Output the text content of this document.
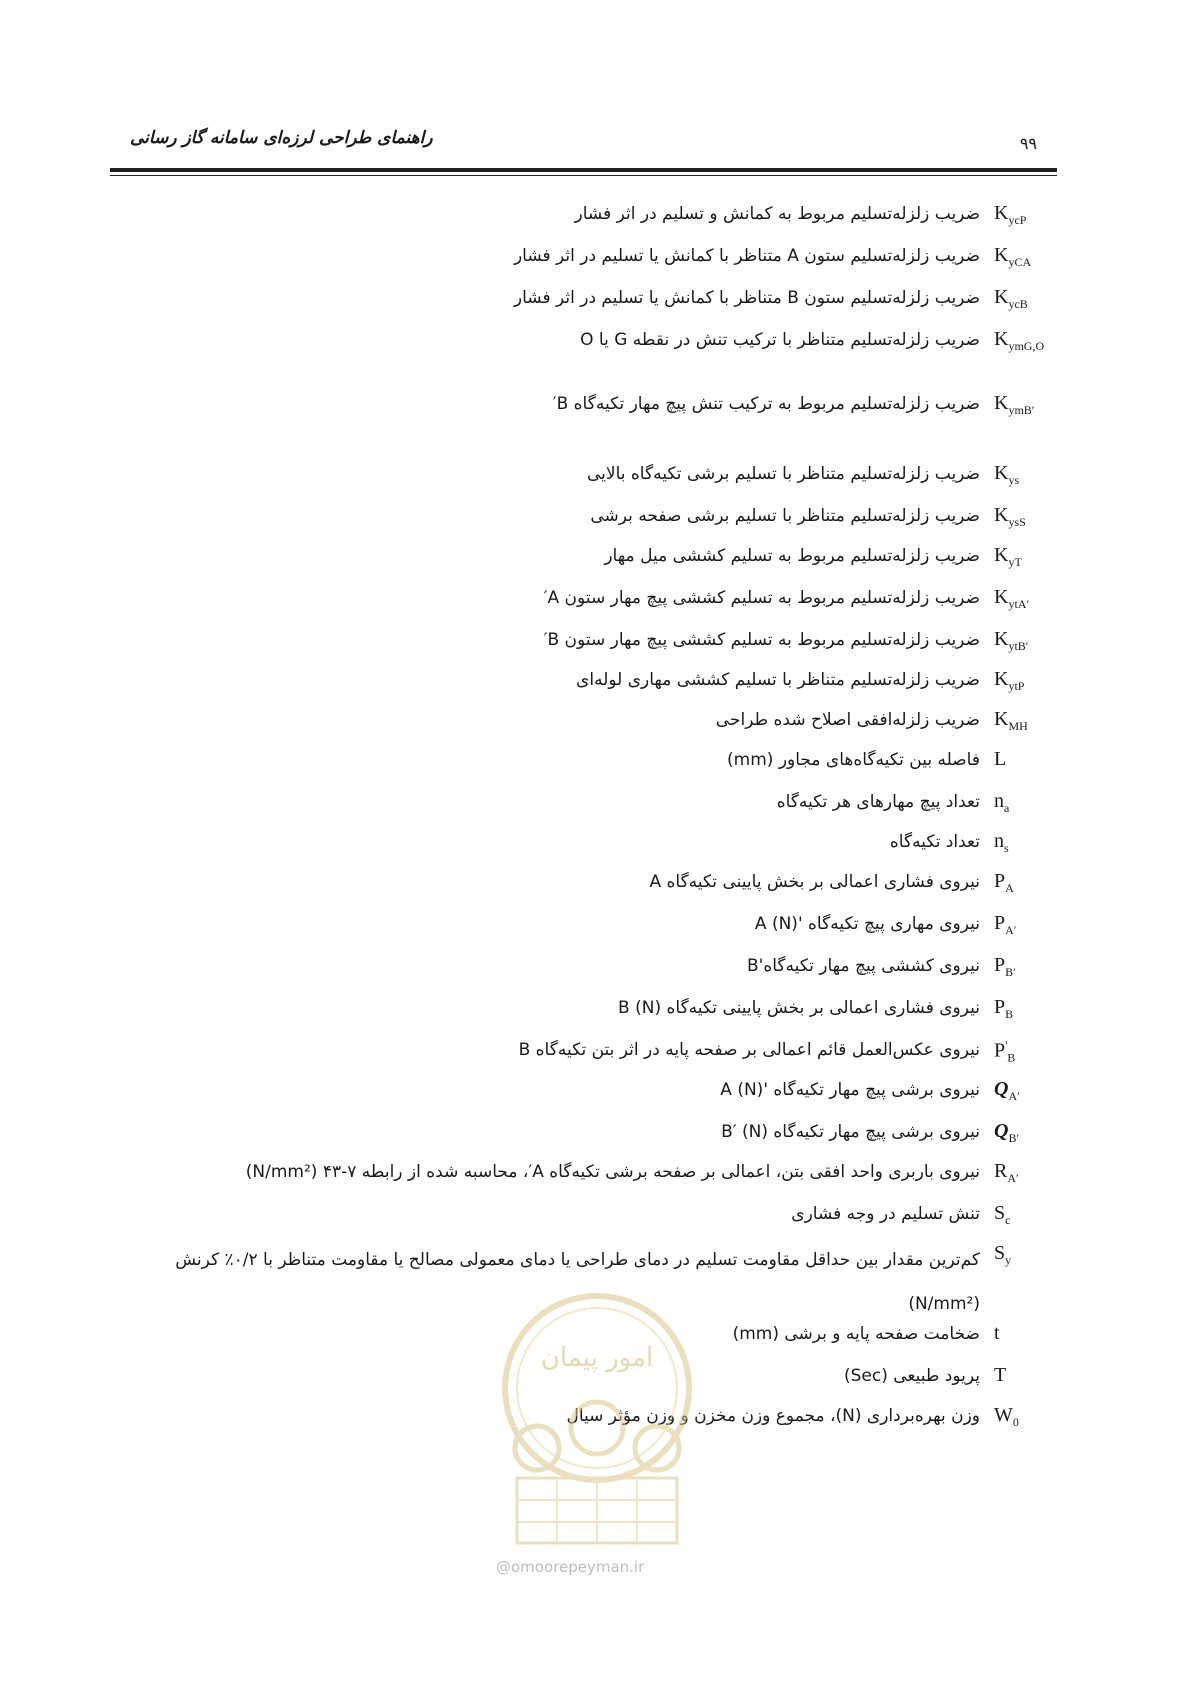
راهنمای طراحی لرزه‌ای سامانه گاز رسانی	۹۹
$K_{ycP}$
ضریب زلزله‌تسلیم مربوط به کمانش و تسلیم در اثر فشار
$K_{yCA}$
ضریب زلزله‌تسلیم ستون A متناظر با کمانش یا تسلیم در اثر فشار
$K_{ycB}$
ضریب زلزله‌تسلیم ستون B متناظر با کمانش یا تسلیم در اثر فشار
$K_{ymG,O}$
ضریب زلزله‌تسلیم متناظر با ترکیب تنش در نقطه G یا O
$K_{ymB'}$
ضریب زلزله‌تسلیم مربوط به ترکیب تنش پیچ مهار تکیه‌گاه B′
$K_{ys}$
ضریب زلزله‌تسلیم متناظر با تسلیم برشی تکیه‌گاه بالایی
$K_{ysS}$
ضریب زلزله‌تسلیم متناظر با تسلیم برشی صفحه برشی
$K_{yT}$
ضریب زلزله‌تسلیم مربوط به تسلیم کششی میل مهار
$K_{ytA'}$
ضریب زلزله‌تسلیم مربوط به تسلیم کششی پیچ مهار ستون A′
$K_{ytB'}$
ضریب زلزله‌تسلیم مربوط به تسلیم کششی پیچ مهار ستون B′
$K_{ytP}$
ضریب زلزله‌تسلیم متناظر با تسلیم کششی مهاری لوله‌ای
$K_{MH}$
ضریب زلزله‌افقی اصلاح شده طراحی
L
فاصله بین تکیه‌گاه‌های مجاور (mm)
$n_a$
تعداد پیچ مهارهای هر تکیه‌گاه
$n_s$
تعداد تکیه‌گاه
$P_A$
نیروی فشاری اعمالی بر بخش پایینی تکیه‌گاه A
$P_{A'}$
نیروی مهاری پیچ تکیه‌گاه 'A (N)
$P_{B'}$
نیروی کششی پیچ مهار تکیه‌گاه'B
$P_B$
نیروی فشاری اعمالی بر بخش پایینی تکیه‌گاه B (N)
$P'_B$
نیروی عکس‌العمل قائم اعمالی بر صفحه پایه در اثر بتن تکیه‌گاه B
$Q_{A'}$
نیروی برشی پیچ مهار تکیه‌گاه 'A (N)
$Q_{B'}$
نیروی برشی پیچ مهار تکیه‌گاه B′ (N)
$R_{A'}$
نیروی باربری واحد افقی بتن، اعمالی بر صفحه برشی تکیه‌گاه A′، محاسبه شده از رابطه ۷-۴۳ (N/mm²)
$S_c$
تنش تسلیم در وجه فشاری
$S_y$
کم‌ترین مقدار بین حداقل مقاومت تسلیم در دمای طراحی یا دمای معمولی مصالح یا مقاومت متناظر با ۰/۲٪ کرنش (N/mm²)
t
ضخامت صفحه پایه و برشی (mm)
T
پریود طبیعی (Sec)
$W_0$
وزن بهره‌برداری (N)، مجموع وزن مخزن و وزن مؤثر سیال
امور پیمان
@omoorepeyman.ir
